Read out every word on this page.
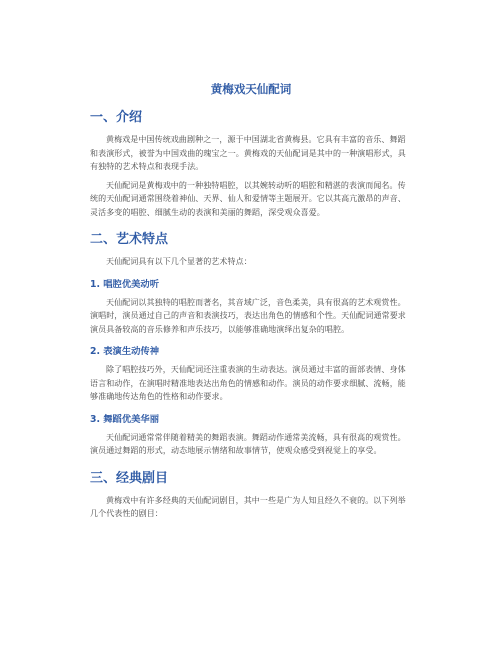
黄梅戏天仙配词
一、介绍

黄梅戏是中国传统戏曲剧种之一，源于中国湖北省黄梅县。它具有丰富的音乐、舞蹈和表演形式，被誉为中国戏曲的瑰宝之一。黄梅戏的天仙配词是其中的一种演唱形式，具有独特的艺术特点和表现手法。

天仙配词是黄梅戏中的一种独特唱腔，以其婉转动听的唱腔和精湛的表演而闻名。传统的天仙配词通常围绕着神仙、天界、仙人和爱情等主题展开。它以其高亢激昂的声音、灵活多变的唱腔、细腻生动的表演和美丽的舞蹈，深受观众喜爱。

二、艺术特点

天仙配词具有以下几个显著的艺术特点：

1. 唱腔优美动听

天仙配词以其独特的唱腔而著名，其音域广泛，音色柔美，具有很高的艺术观赏性。演唱时，演员通过自己的声音和表演技巧，表达出角色的情感和个性。天仙配词通常要求演员具备较高的音乐修养和声乐技巧，以能够准确地演绎出复杂的唱腔。

2. 表演生动传神

除了唱腔技巧外，天仙配词还注重表演的生动表达。演员通过丰富的面部表情、身体语言和动作，在演唱时精准地表达出角色的情感和动作。演员的动作要求细腻、流畅，能够准确地传达角色的性格和动作要求。

3. 舞蹈优美华丽

天仙配词通常常伴随着精美的舞蹈表演。舞蹈动作通常美流畅，具有很高的观赏性。演员通过舞蹈的形式，动态地展示情绪和故事情节，使观众感受到视觉上的享受。

三、经典剧目

黄梅戏中有许多经典的天仙配词剧目，其中一些是广为人知且经久不衰的。以下列举几个代表性的剧目：
